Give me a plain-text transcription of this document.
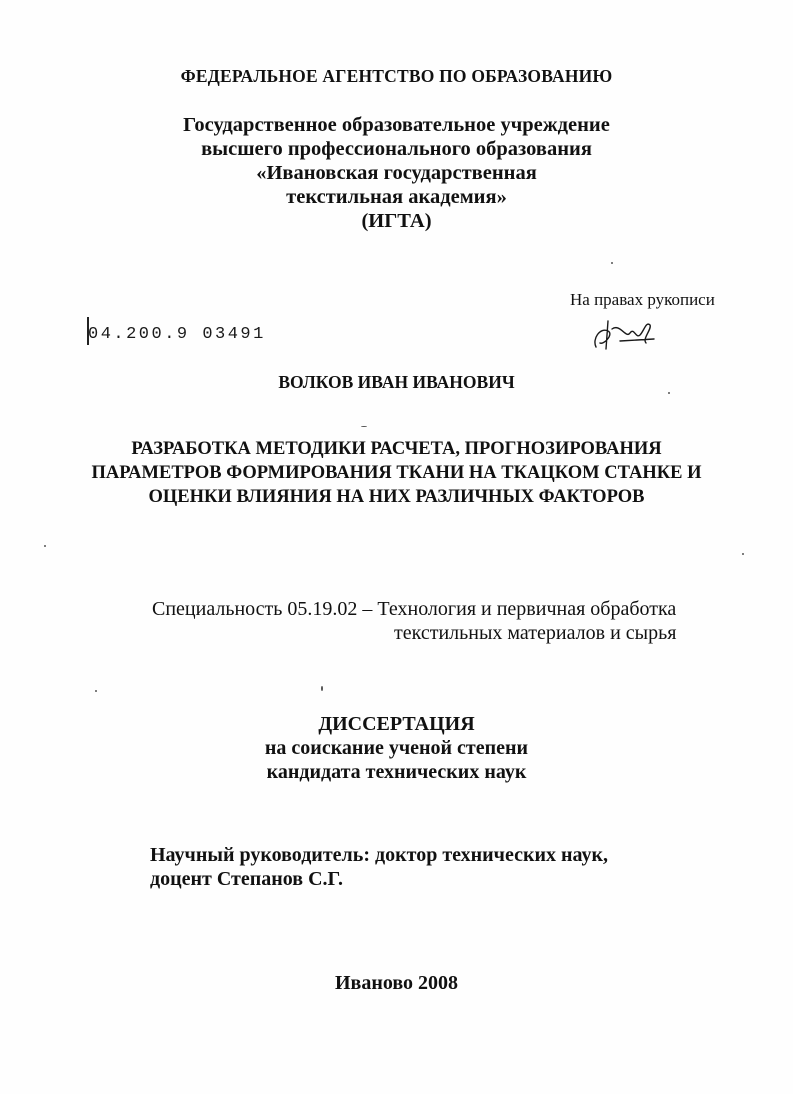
ФЕДЕРАЛЬНОЕ АГЕНТСТВО ПО ОБРАЗОВАНИЮ
Государственное образовательное учреждение
высшего профессионального образования
«Ивановская государственная
текстильная академия»
(ИГТА)
На правах рукописи
04.200.9 03491
ВОЛКОВ ИВАН ИВАНОВИЧ
РАЗРАБОТКА МЕТОДИКИ РАСЧЕТА, ПРОГНОЗИРОВАНИЯ
ПАРАМЕТРОВ ФОРМИРОВАНИЯ ТКАНИ НА ТКАЦКОМ СТАНКЕ И
ОЦЕНКИ ВЛИЯНИЯ НА НИХ РАЗЛИЧНЫХ ФАКТОРОВ
Специальность 05.19.02 – Технология и первичная обработка
текстильных материалов и сырья
ДИССЕРТАЦИЯ
на соискание ученой степени
кандидата технических наук
Научный руководитель: доктор технических наук,
доцент Степанов С.Г.
Иваново 2008
